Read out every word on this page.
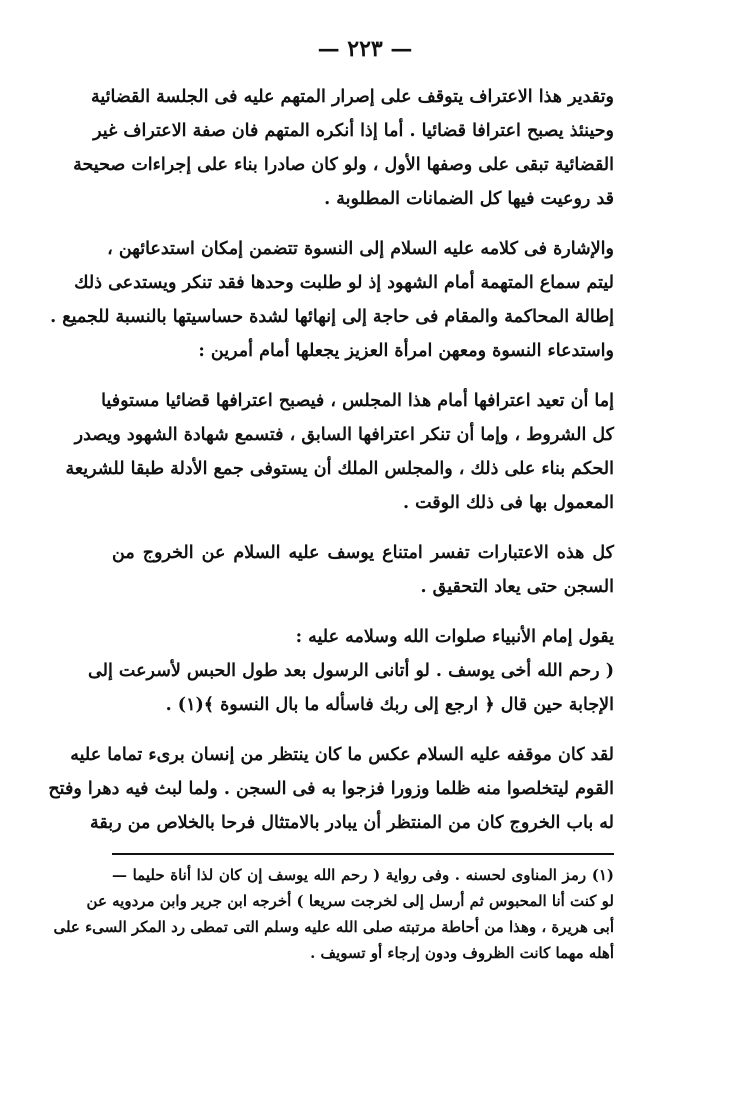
— ٢٢٣ —
وتقدير هذا الاعتراف يتوقف على إصرار المتهم عليه فى الجلسة القضائية
وحينئذ يصبح اعترافا قضائيا . أما إذا أنكره المتهم فان صفة الاعتراف غير
القضائية تبقى على وصفها الأول ، ولو كان صادرا بناء على إجراءات صحيحة
قد روعيت فيها كل الضمانات المطلوبة .
والإشارة فى كلامه عليه السلام إلى النسوة تتضمن إمكان استدعائهن ،
ليتم سماع المتهمة أمام الشهود إذ لو طلبت وحدها فقد تنكر ويستدعى ذلك
إطالة المحاكمة والمقام فى حاجة إلى إنهائها لشدة حساسيتها بالنسبة للجميع .
واستدعاء النسوة ومعهن امرأة العزيز يجعلها أمام أمرين :
إما أن تعيد اعترافها أمام هذا المجلس ، فيصبح اعترافها قضائيا مستوفيا
كل الشروط ، وإما أن تنكر اعترافها السابق ، فتسمع شهادة الشهود ويصدر
الحكم بناء على ذلك ، والمجلس الملك أن يستوفى جمع الأدلة طبقا للشريعة
المعمول بها فى ذلك الوقت .
كل هذه الاعتبارات تفسر امتناع يوسف عليه السلام عن الخروج من
السجن حتى يعاد التحقيق .
يقول إمام الأنبياء صلوات الله وسلامه عليه :
( رحم الله أخى يوسف . لو أتانى الرسول بعد طول الحبس لأسرعت إلى
الإجابة حين قال ﴿ ارجع إلى ربك فاسأله ما بال النسوة ﴾(١) .
لقد كان موقفه عليه السلام عكس ما كان ينتظر من إنسان برىء تماما عليه
القوم ليتخلصوا منه ظلما وزورا فزجوا به فى السجن . ولما لبث فيه دهرا وفتح
له باب الخروج كان من المنتظر أن يبادر بالامتثال فرحا بالخلاص من ربقة
(١) رمز المناوى لحسنه . وفى رواية ( رحم الله يوسف إن كان لذا أناة حليما —
لو كنت أنا المحبوس ثم أرسل إلى لخرجت سريعا ) أخرجه ابن جرير وابن مردويه عن
أبى هريرة ، وهذا من أحاطة مرتبته صلى الله عليه وسلم التى تمطى رد المكر السىء على
أهله مهما كانت الظروف ودون إرجاء أو تسويف .
